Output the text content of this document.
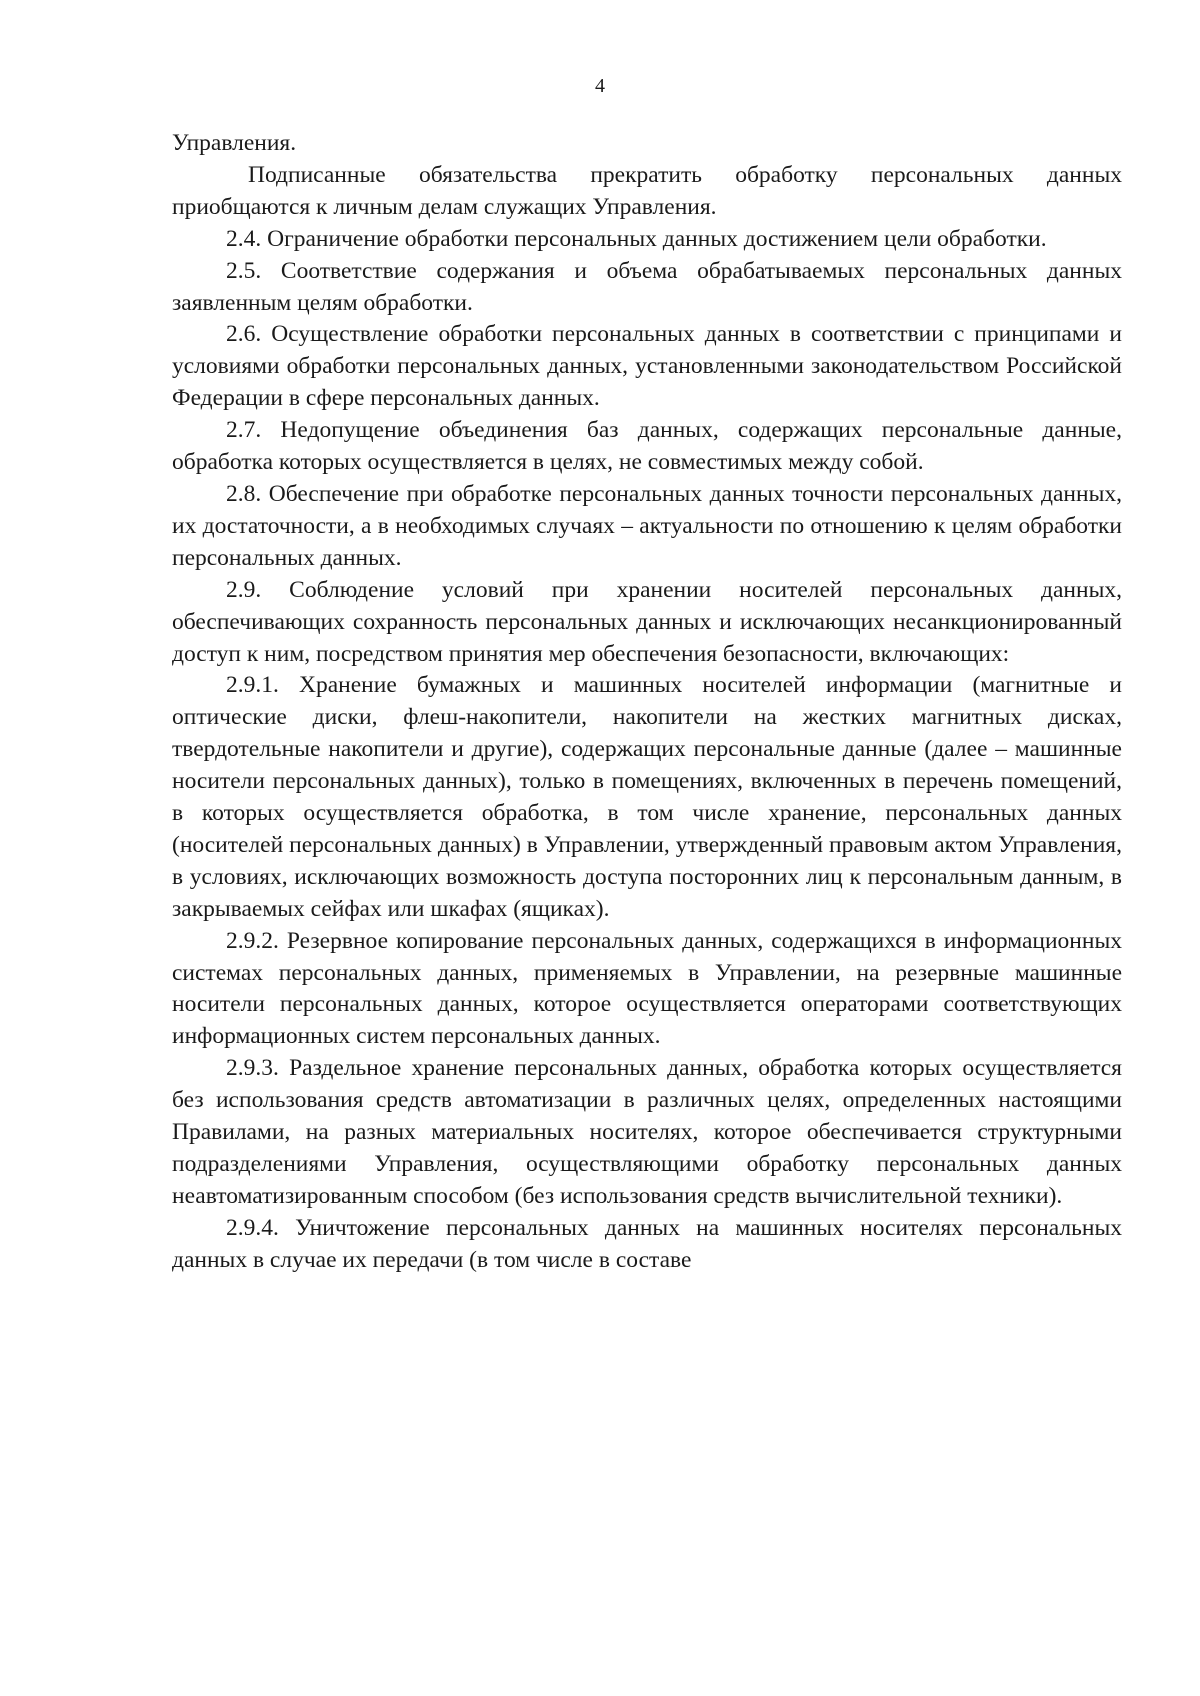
4

Управления.

Подписанные обязательства прекратить обработку персональных данных приобщаются к личным делам служащих Управления.

2.4. Ограничение обработки персональных данных достижением цели обработки.

2.5. Соответствие содержания и объема обрабатываемых персональных данных заявленным целям обработки.

2.6. Осуществление обработки персональных данных в соответствии с принципами и условиями обработки персональных данных, установленными законодательством Российской Федерации в сфере персональных данных.

2.7. Недопущение объединения баз данных, содержащих персональные данные, обработка которых осуществляется в целях, не совместимых между собой.

2.8. Обеспечение при обработке персональных данных точности персональных данных, их достаточности, а в необходимых случаях – актуальности по отношению к целям обработки персональных данных.

2.9. Соблюдение условий при хранении носителей персональных данных, обеспечивающих сохранность персональных данных и исключающих несанкционированный доступ к ним, посредством принятия мер обеспечения безопасности, включающих:

2.9.1. Хранение бумажных и машинных носителей информации (магнитные и оптические диски, флеш-накопители, накопители на жестких магнитных дисках, твердотельные накопители и другие), содержащих персональные данные (далее – машинные носители персональных данных), только в помещениях, включенных в перечень помещений, в которых осуществляется обработка, в том числе хранение, персональных данных (носителей персональных данных) в Управлении, утвержденный правовым актом Управления, в условиях, исключающих возможность доступа посторонних лиц к персональным данным, в закрываемых сейфах или шкафах (ящиках).

2.9.2. Резервное копирование персональных данных, содержащихся в информационных системах персональных данных, применяемых в Управлении, на резервные машинные носители персональных данных, которое осуществляется операторами соответствующих информационных систем персональных данных.

2.9.3. Раздельное хранение персональных данных, обработка которых осуществляется без использования средств автоматизации в различных целях, определенных настоящими Правилами, на разных материальных носителях, которое обеспечивается структурными подразделениями Управления, осуществляющими обработку персональных данных неавтоматизированным способом (без использования средств вычислительной техники).

2.9.4. Уничтожение персональных данных на машинных носителях персональных данных в случае их передачи (в том числе в составе
